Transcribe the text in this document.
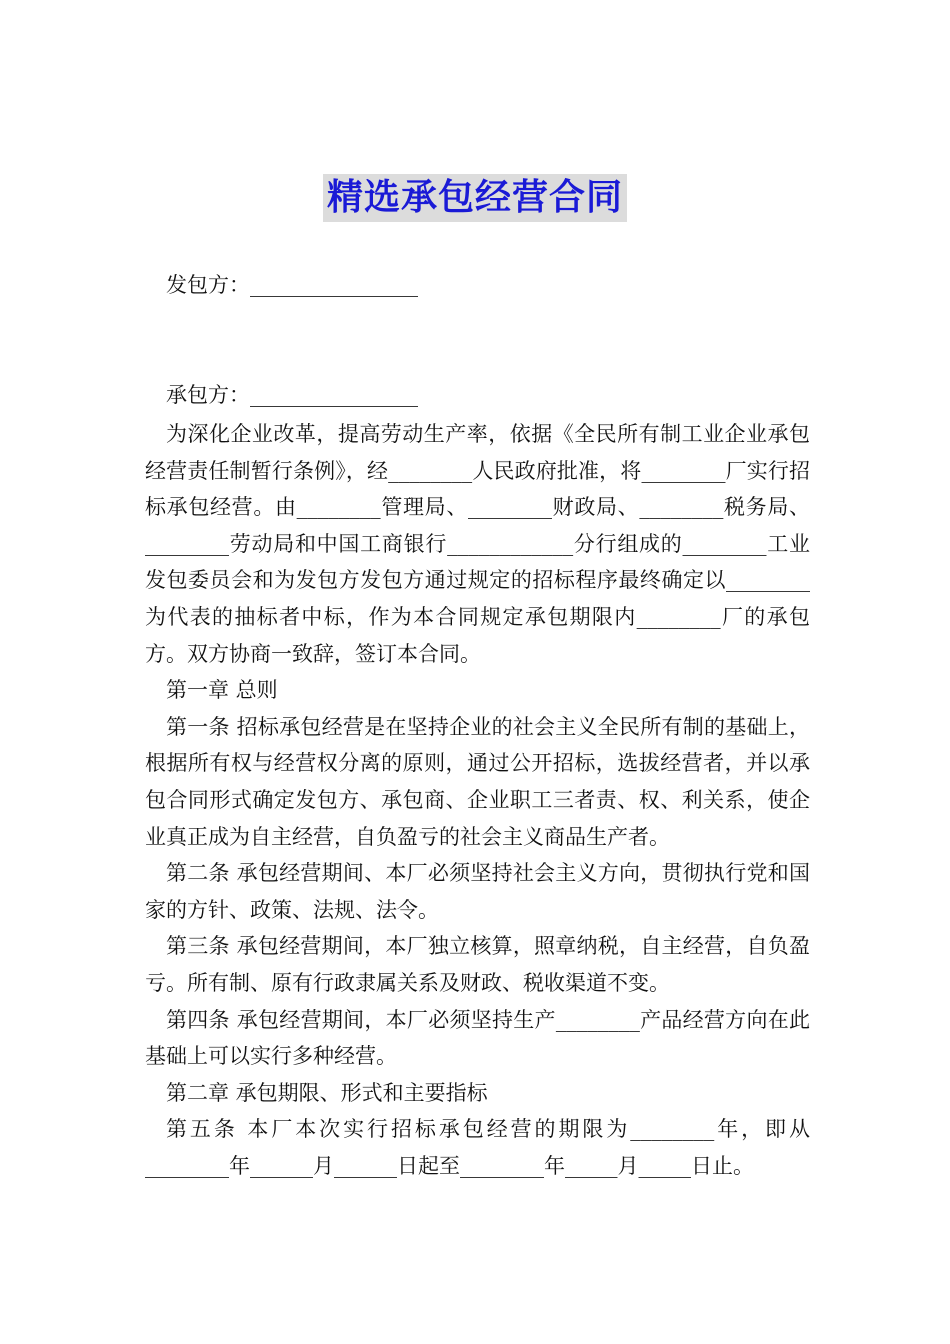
精选承包经营合同
发包方：________________
承包方：________________

为深化企业改革，提高劳动生产率，依据《全民所有制工业企业承包经营责任制暂行条例》，经________人民政府批准，将________厂实行招标承包经营。由________管理局、________财政局、________税务局、________劳动局和中国工商银行____________分行组成的________工业发包委员会和为发包方发包方通过规定的招标程序最终确定以________为代表的抽标者中标，作为本合同规定承包期限内________厂的承包方。双方协商一致辞，签订本合同。

第一章 总则

第一条 招标承包经营是在坚持企业的社会主义全民所有制的基础上，根据所有权与经营权分离的原则，通过公开招标，选拔经营者，并以承包合同形式确定发包方、承包商、企业职工三者责、权、利关系，使企业真正成为自主经营，自负盈亏的社会主义商品生产者。

第二条 承包经营期间、本厂必须坚持社会主义方向，贯彻执行党和国家的方针、政策、法规、法令。

第三条 承包经营期间，本厂独立核算，照章纳税，自主经营，自负盈亏。所有制、原有行政隶属关系及财政、税收渠道不变。

第四条 承包经营期间，本厂必须坚持生产________产品经营方向在此基础上可以实行多种经营。

第二章 承包期限、形式和主要指标

第五条 本厂本次实行招标承包经营的期限为________年，即从________年______月______日起至________年_____月_____日止。
